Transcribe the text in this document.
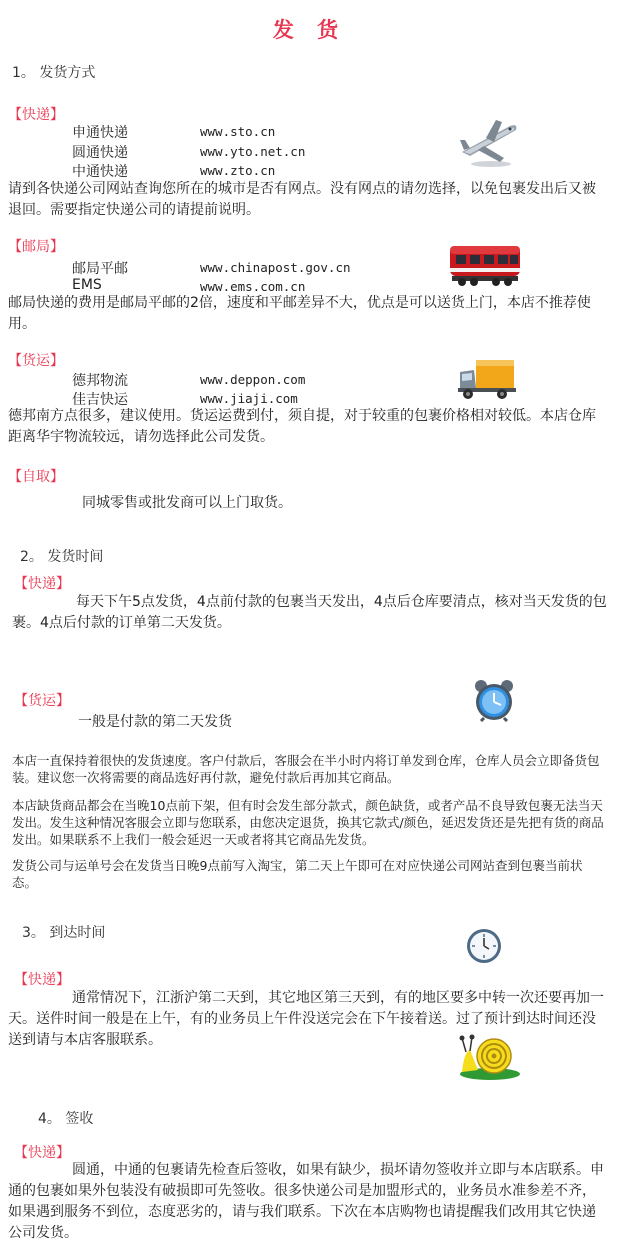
发 货
1。 发货方式
【快递】
申通快递	www.sto.cn
圆通快递	www.yto.net.cn
中通快递	www.zto.cn
请到各快递公司网站查询您所在的城市是否有网点。没有网点的请勿选择，以免包裹发出后又被退回。需要指定快递公司的请提前说明。
【邮局】
邮局平邮	www.chinapost.gov.cn
EMS	www.ems.com.cn
邮局快递的费用是邮局平邮的2倍，速度和平邮差异不大，优点是可以送货上门，本店不推荐使用。
【货运】
德邦物流	www.deppon.com
佳吉快运	www.jiaji.com
德邦南方点很多，建议使用。货运运费到付，须自提，对于较重的包裹价格相对较低。本店仓库距离华宇物流较远，请勿选择此公司发货。
【自取】
同城零售或批发商可以上门取货。
2。 发货时间
【快递】
每天下午5点发货，4点前付款的包裹当天发出，4点后仓库要清点，核对当天发货的包裹。4点后付款的订单第二天发货。
【货运】
一般是付款的第二天发货
本店一直保持着很快的发货速度。客户付款后，客服会在半小时内将订单发到仓库，仓库人员会立即备货包装。建议您一次将需要的商品选好再付款，避免付款后再加其它商品。
本店缺货商品都会在当晚10点前下架，但有时会发生部分款式，颜色缺货，或者产品不良导致包裹无法当天发出。发生这种情况客服会立即与您联系，由您决定退货，换其它款式/颜色，延迟发货还是先把有货的商品发出。如果联系不上我们一般会延迟一天或者将其它商品先发货。
发货公司与运单号会在发货当日晚9点前写入淘宝，第二天上午即可在对应快递公司网站查到包裹当前状态。
3。 到达时间
【快递】
通常情况下，江浙沪第二天到，其它地区第三天到，有的地区要多中转一次还要再加一天。送件时间一般是在上午，有的业务员上午件没送完会在下午接着送。过了预计到达时间还没送到请与本店客服联系。
4。 签收
【快递】
圆通，中通的包裹请先检查后签收，如果有缺少，损坏请勿签收并立即与本店联系。申通的包裹如果外包装没有破损即可先签收。很多快递公司是加盟形式的，业务员水准参差不齐，如果遇到服务不到位，态度恶劣的，请与我们联系。下次在本店购物也请提醒我们改用其它快递公司发货。
